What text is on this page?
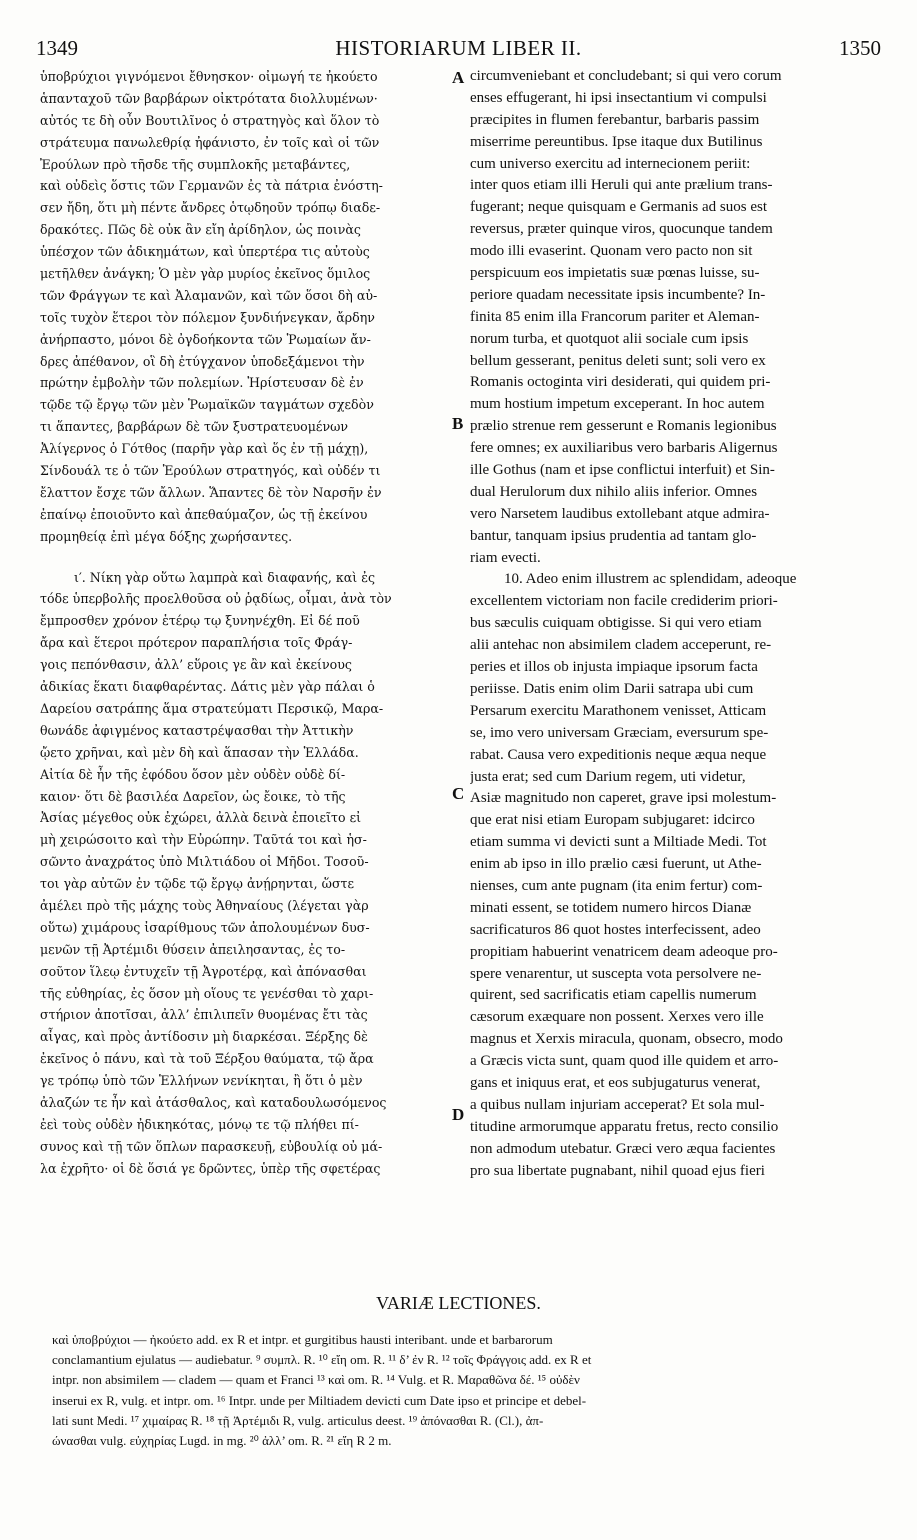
1349	HISTORIARUM LIBER II.	1350
ὑποβρύχιοι γιγνόμενοι ἔθνησκον· οἰμωγή τε ἠκούετο
ἁπανταχοῦ τῶν βαρβάρων οἰκτρότατα διολλυμένων·
αὐτός τε δὴ οὖν Βουτιλῖνος ὁ στρατηγὸς καὶ ὅλον τὸ
στράτευμα πανωλεθρίᾳ ἠφάνιστο, ἐν τοῖς καὶ οἱ τῶν
Ἐρούλων πρὸ τῆσδε τῆς συμπλοκῆς μεταβάντες,
καὶ οὐδεὶς ὅστις τῶν Γερμανῶν ἐς τὰ πάτρια ἐνόστη-
σεν ἤδη, ὅτι μὴ πέντε ἄνδρες ὁτῳδηοῦν τρόπῳ διαδε-
δρακότες. Πῶς δὲ οὐκ ἂν εἴη ἀρίδηλον, ὡς ποινὰς
ὑπέσχον τῶν ἀδικημάτων, καὶ ὑπερτέρα τις αὐτοὺς
μετῆλθεν ἀνάγκη; Ὁ μὲν γὰρ μυρίος ἐκεῖνος ὅμιλος
τῶν Φράγγων τε καὶ Ἀλαμανῶν, καὶ τῶν ὅσοι δὴ αὐ-
τοῖς τυχὸν ἕτεροι τὸν πόλεμον ξυνδιήνεγκαν, ἄρδην
ἀνήρπαστο, μόνοι δὲ ὀγδοήκοντα τῶν Ῥωμαίων ἄν-
δρες ἀπέθανον, οἳ δὴ ἐτύγχανον ὑποδεξάμενοι τὴν
πρώτην ἐμβολὴν τῶν πολεμίων. Ἠρίστευσαν δὲ ἐν
τῷδε τῷ ἔργῳ τῶν μὲν Ῥωμαϊκῶν ταγμάτων σχεδὸν
τι ἅπαντες, βαρβάρων δὲ τῶν ξυστρατευομένων
Ἀλίγερνος ὁ Γότθος (παρῆν γὰρ καὶ ὅς ἐν τῇ μάχῃ),
Σίνδουάλ τε ὁ τῶν Ἐρούλων στρατηγός, καὶ οὐδέν τι
ἔλαττον ἔσχε τῶν ἄλλων. Ἅπαντες δὲ τὸν Ναρσῆν ἐν
ἐπαίνῳ ἐποιοῦντο καὶ ἀπεθαύμαζον, ὡς τῇ ἐκείνου
προμηθείᾳ ἐπὶ μέγα δόξης χωρήσαντες.
ι′. Νίκη γὰρ οὕτω λαμπρὰ καὶ διαφανής, καὶ ἐς
τόδε ὑπερβολῆς προελθοῦσα οὐ ῥᾳδίως, οἶμαι, ἀνὰ τὸν
ἔμπροσθεν χρόνον ἑτέρῳ τῳ ξυνηνέχθη. Εἰ δέ ποῦ
ἄρα καὶ ἕτεροι πρότερον παραπλήσια τοῖς Φράγ-
γοις πεπόνθασιν, ἀλλ’ εὕροις γε ἂν καὶ ἐκείνους
ἀδικίας ἕκατι διαφθαρέντας. Δάτις μὲν γὰρ πάλαι ὁ
Δαρείου σατράπης ἅμα στρατεύματι Περσικῷ, Μαρα-
θωνάδε ἀφιγμένος καταστρέψασθαι τὴν Ἀττικὴν
ᾤετο χρῆναι, καὶ μὲν δὴ καὶ ἅπασαν τὴν Ἑλλάδα.
Αἰτία δὲ ἦν τῆς ἐφόδου ὅσον μὲν οὐδὲν οὐδὲ δί-
καιον· ὅτι δὲ βασιλέα Δαρεῖον, ὡς ἔοικε, τὸ τῆς
Ἀσίας μέγεθος οὐκ ἐχώρει, ἀλλὰ δεινὰ ἐποιεῖτο εἰ
μὴ χειρώσοιτο καὶ τὴν Εὐρώπην. Ταῦτά τοι καὶ ἡσ-
σῶντο ἀναχράτος ὑπὸ Μιλτιάδου οἱ Μῆδοι. Τοσοῦ-
τοι γὰρ αὐτῶν ἐν τῷδε τῷ ἔργῳ ἀνῄρηνται, ὥστε
ἀμέλει πρὸ τῆς μάχης τοὺς Ἀθηναίους (λέγεται γὰρ
οὕτω) χιμάρους ἰσαρίθμους τῶν ἀπολουμένων δυσ-
μενῶν τῇ Ἀρτέμιδι θύσειν ἀπειλησαντας, ἐς το-
σοῦτον ἵλεῳ ἐντυχεῖν τῇ Ἀγροτέρᾳ, καὶ ἀπόνασθαι
τῆς εὐθηρίας, ἐς ὅσον μὴ οἵους τε γενέσθαι τὸ χαρι-
στήριον ἀποτῖσαι, ἀλλ’ ἐπιλιπεῖν θυομένας ἔτι τὰς
αἶγας, καὶ πρὸς ἀντίδοσιν μὴ διαρκέσαι. Ξέρξης δὲ
ἐκεῖνος ὁ πάνυ, καὶ τὰ τοῦ Ξέρξου θαύματα, τῷ ἄρα
γε τρόπῳ ὑπὸ τῶν Ἑλλήνων νενίκηται, ἢ ὅτι ὁ μὲν
ἀλαζών τε ἦν καὶ ἀτάσθαλος, καὶ καταδουλωσόμενος
ἐεὶ τοὺς οὐδὲν ἠδικηκότας, μόνῳ τε τῷ πλήθει πί-
συνος καὶ τῇ τῶν ὅπλων παρασκευῇ, εὐβουλίᾳ οὐ μά-
λα ἐχρῆτο· οἱ δὲ ὅσιά γε δρῶντες, ὑπὲρ τῆς σφετέρας
A
B
C
D
circumveniebant et concludebant; si qui vero corum
enses effugerant, hi ipsi insectantium vi compulsi
præcipites in flumen ferebantur, barbaris passim
miserrime pereuntibus. Ipse itaque dux Butilinus
cum universo exercitu ad internecionem periit:
inter quos etiam illi Heruli qui ante prælium trans-
fugerant; neque quisquam e Germanis ad suos est
reversus, præter quinque viros, quocunque tandem
modo illi evaserint. Quonam vero pacto non sit
perspicuum eos impietatis suæ pœnas luisse, su-
periore quadam necessitate ipsis incumbente? In-
finita 85 enim illa Francorum pariter et Aleman-
norum turba, et quotquot alii sociale cum ipsis
bellum gesserant, penitus deleti sunt; soli vero ex
Romanis octoginta viri desiderati, qui quidem pri-
mum hostium impetum exceperant. In hoc autem
prælio strenue rem gesserunt e Romanis legionibus
fere omnes; ex auxiliaribus vero barbaris Aligernus
ille Gothus (nam et ipse conflictui interfuit) et Sin-
dual Herulorum dux nihilo aliis inferior. Omnes
vero Narsetem laudibus extollebant atque admira-
bantur, tanquam ipsius prudentia ad tantam glo-
riam evecti.
10. Adeo enim illustrem ac splendidam, adeoque
excellentem victoriam non facile crediderim priori-
bus sæculis cuiquam obtigisse. Si qui vero etiam
alii antehac non absimilem cladem acceperunt, re-
peries et illos ob injusta impiaque ipsorum facta
periisse. Datis enim olim Darii satrapa ubi cum
Persarum exercitu Marathonem venisset, Atticam
se, imo vero universam Græciam, eversurum spe-
rabat. Causa vero expeditionis neque æqua neque
justa erat; sed cum Darium regem, uti videtur,
Asiæ magnitudo non caperet, grave ipsi molestum-
que erat nisi etiam Europam subjugaret: idcirco
etiam summa vi devicti sunt a Miltiade Medi. Tot
enim ab ipso in illo prælio cæsi fuerunt, ut Athe-
nienses, cum ante pugnam (ita enim fertur) com-
minati essent, se totidem numero hircos Dianæ
sacrificaturos 86 quot hostes interfecissent, adeo
propitiam habuerint venatricem deam adeoque pro-
spere venarentur, ut suscepta vota persolvere ne-
quirent, sed sacrificatis etiam capellis numerum
cæsorum exæquare non possent. Xerxes vero ille
magnus et Xerxis miracula, quonam, obsecro, modo
a Græcis victa sunt, quam quod ille quidem et arro-
gans et iniquus erat, et eos subjugaturus venerat,
a quibus nullam injuriam acceperat? Et sola mul-
titudine armorumque apparatu fretus, recto consilio
non admodum utebatur. Græci vero æqua facientes
pro sua libertate pugnabant, nihil quoad ejus fieri
VARIÆ LECTIONES.
καὶ ὑποβρύχιοι — ἠκούετο add. ex R et intpr. et gurgitibus hausti interibant. unde et barbarorum
conclamantium ejulatus — audiebatur. ⁹ συμπλ. R. ¹⁰ εἴη om. R. ¹¹ δ’ ἐν R. ¹² τοῖς Φράγγοις add. ex R et
intpr. non absimilem — cladem — quam et Franci ¹³ καὶ om. R. ¹⁴ Vulg. et R. Μαραθῶνα δέ. ¹⁵ οὐδὲν
inserui ex R, vulg. et intpr. om. ¹⁶ Intpr. unde per Miltiadem devicti cum Date ipso et principe et debel-
lati sunt Medi. ¹⁷ χιμαίρας R. ¹⁸ τῇ Ἀρτέμιδι R, vulg. articulus deest. ¹⁹ ἀπόνασθαι R. (Cl.), ἀπ-
ώνασθαι vulg. εὐχηρίας Lugd. in mg. ²⁰ ἀλλ’ om. R. ²¹ εἴη R 2 m.
